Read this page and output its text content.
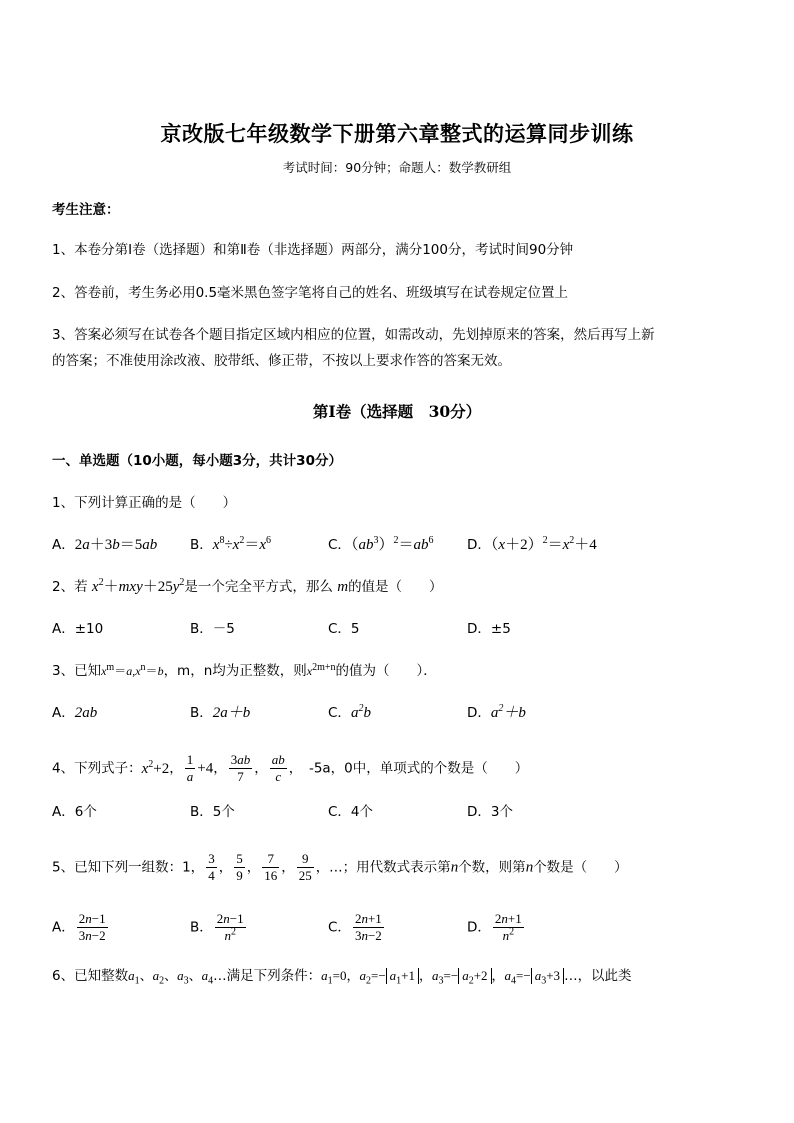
京改版七年级数学下册第六章整式的运算同步训练
考试时间：90分钟；命题人：数学教研组
考生注意：
1、本卷分第Ⅰ卷（选择题）和第Ⅱ卷（非选择题）两部分，满分100分，考试时间90分钟
2、答卷前，考生务必用0.5毫米黑色签字笔将自己的姓名、班级填写在试卷规定位置上
3、答案必须写在试卷各个题目指定区域内相应的位置，如需改动，先划掉原来的答案，然后再写上新
的答案；不准使用涂改液、胶带纸、修正带，不按以上要求作答的答案无效。
第Ⅰ卷（选择题　30分）
一、单选题（10小题，每小题3分，共计30分）
1、下列计算正确的是（　　）
A．2a＋3b＝5ab B．$x^8\div x^2=x^6$	C．$(ab^3)^2=ab^6$ D．$(x+2)^2=x^2+4$
2、若 $x^2+mxy+25y^2$是一个完全平方式，那么 m的值是（　　）
A．±10	B．－5	C．5	D．±5
3、已知$x^m=a,x^n=b$，m，n均为正整数，则$x^{2m+n}$的值为（　　）．
A．2ab	B．2a＋b	C．$a^2b$	D．$a^2+b$
4、下列式子：$x^2+2$， $\frac{1}{a} +4$， $\frac{3ab}{7}$ ， $\frac{ab}{c}$ ，　-5a，0中，单项式的个数是（　　）
A．6个	B．5个	C．4个	D．3个
5、已知下列一组数：1， $\frac{3}{4}$ ， $\frac{5}{9}$ ， $\frac{7}{16}$ ， $\frac{9}{25}$ ，…；用代数式表示第n个数，则第n个数是（　　）
A． $\frac{2n-1}{3n-2}$	B． $\frac{2n-1}{n^2}$	C． $\frac{2n+1}{3n-2}$	D． $\frac{2n+1}{n^2}$
6、已知整数$a_1$、$a_2$、$a_3$、$a_4\dots$满足下列条件：$a_1=0$，$a_2=- a_1+1$ ，$a_3=- a_2+2$ ，$a_4=- a_3+3$ …，以此类
